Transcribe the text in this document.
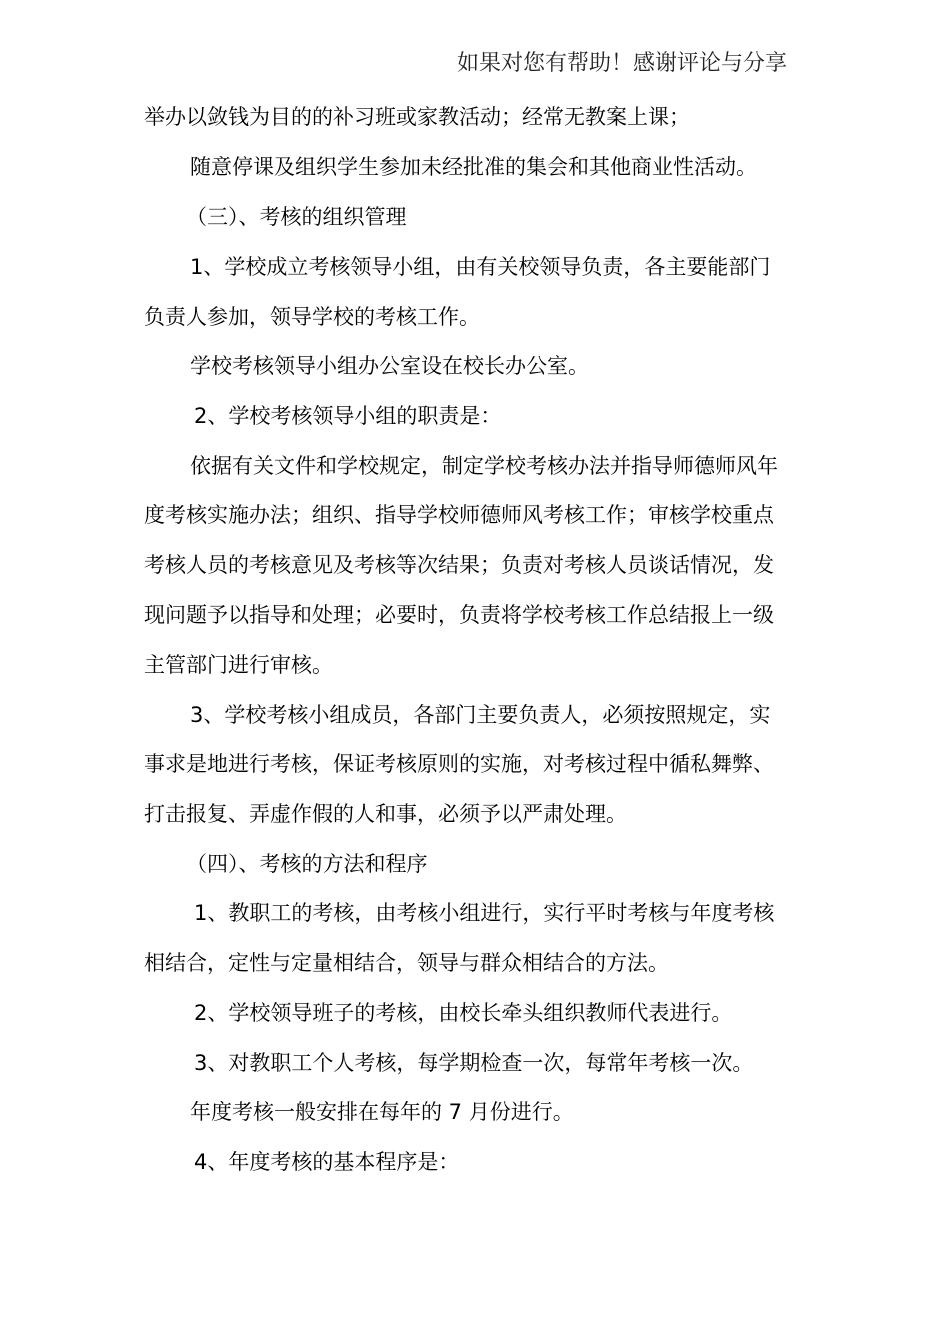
如果对您有帮助！感谢评论与分享
举办以敛钱为目的的补习班或家教活动；经常无教案上课；
随意停课及组织学生参加未经批准的集会和其他商业性活动。
（三）、考核的组织管理
1、学校成立考核领导小组，由有关校领导负责，各主要能部门
负责人参加，领导学校的考核工作。
学校考核领导小组办公室设在校长办公室。
2、学校考核领导小组的职责是：
依据有关文件和学校规定，制定学校考核办法并指导师德师风年
度考核实施办法；组织、指导学校师德师风考核工作；审核学校重点
考核人员的考核意见及考核等次结果；负责对考核人员谈话情况，发
现问题予以指导和处理；必要时，负责将学校考核工作总结报上一级
主管部门进行审核。
3、学校考核小组成员，各部门主要负责人，必须按照规定，实
事求是地进行考核，保证考核原则的实施，对考核过程中循私舞弊、
打击报复、弄虚作假的人和事，必须予以严肃处理。
（四）、考核的方法和程序
1、教职工的考核，由考核小组进行，实行平时考核与年度考核
相结合，定性与定量相结合，领导与群众相结合的方法。
2、学校领导班子的考核，由校长牵头组织教师代表进行。
3、对教职工个人考核，每学期检查一次，每常年考核一次。
年度考核一般安排在每年的 7 月份进行。
4、年度考核的基本程序是：
